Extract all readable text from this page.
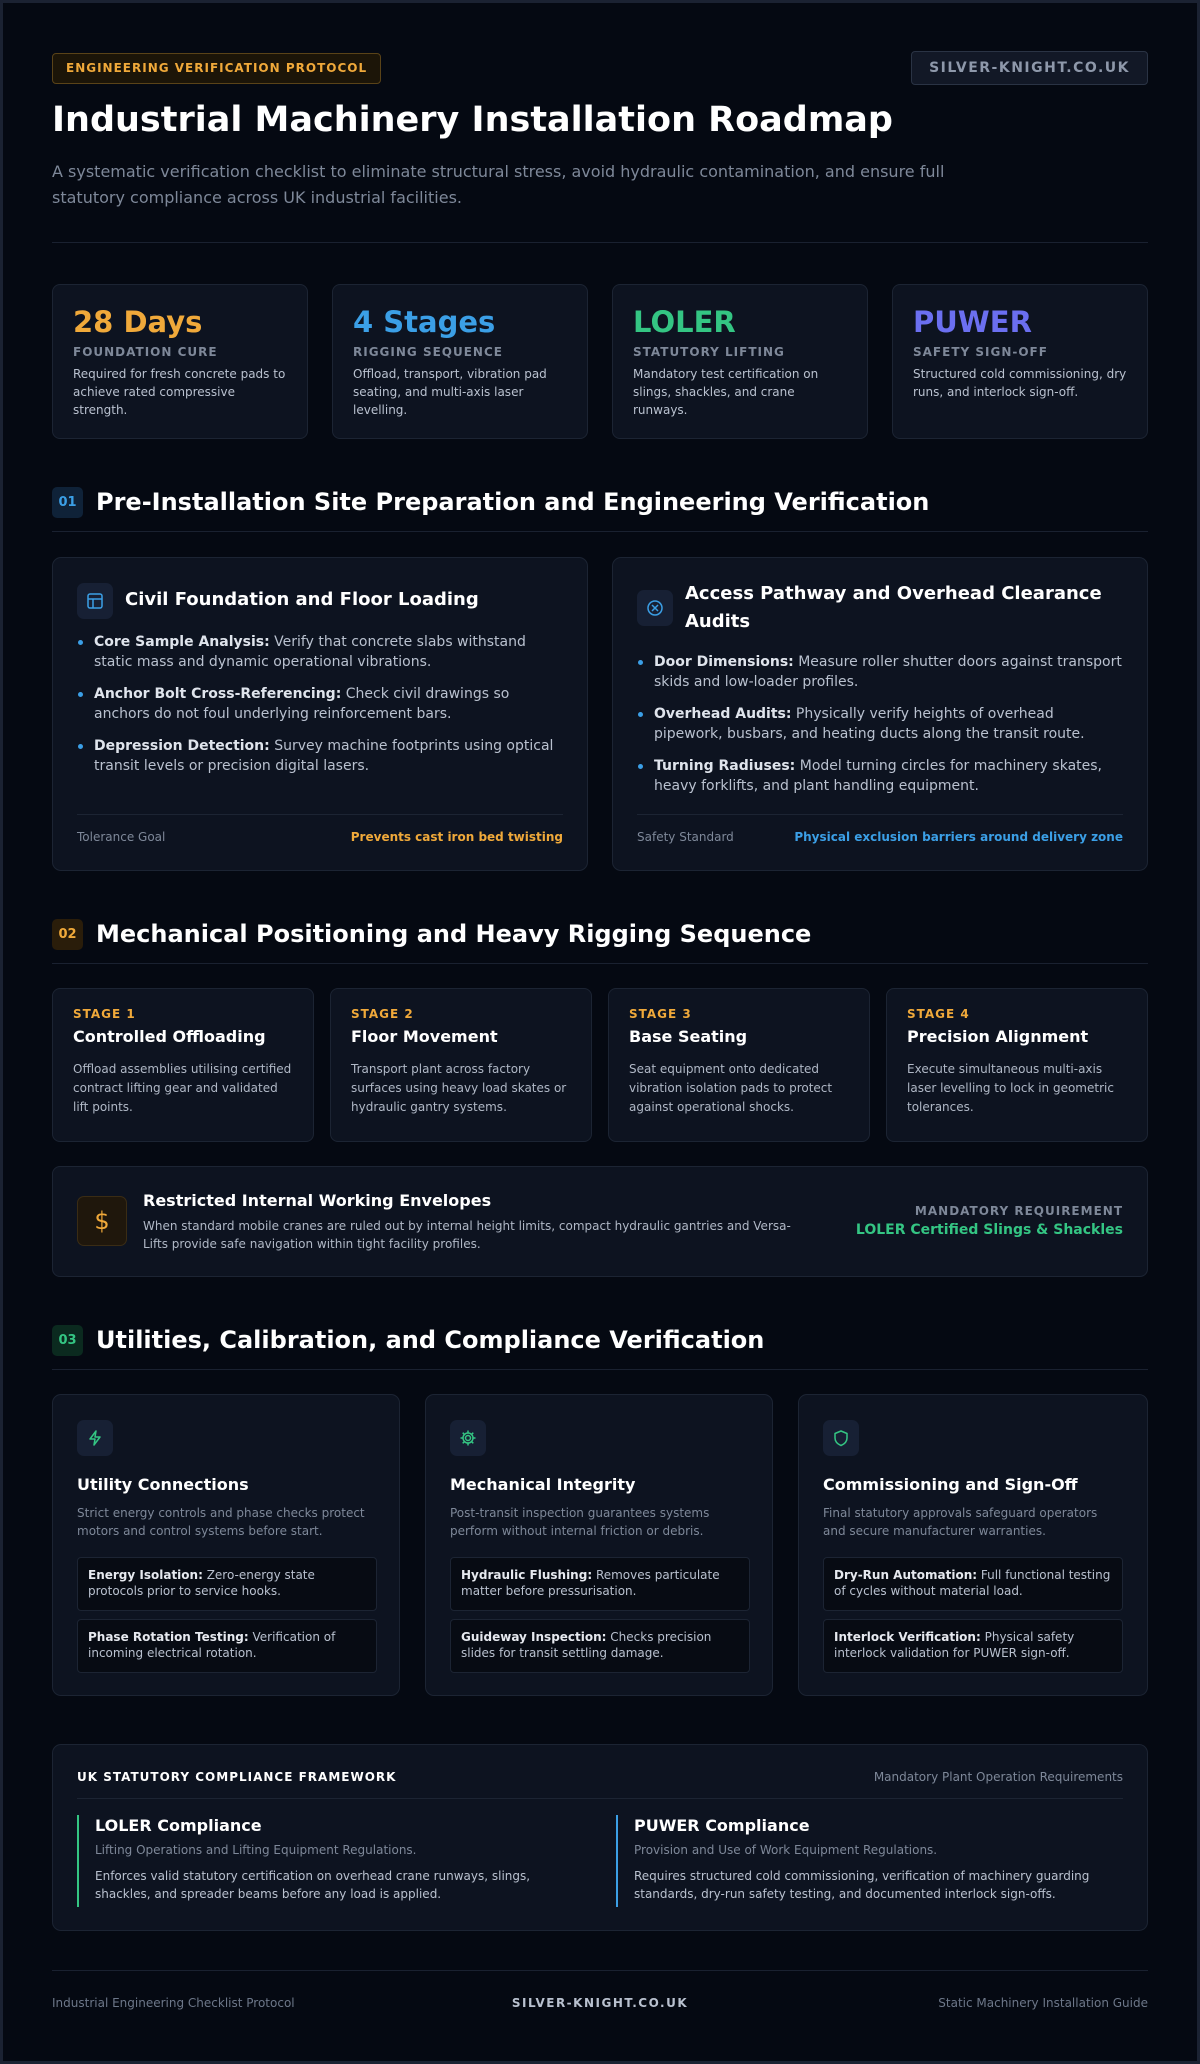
ENGINEERING VERIFICATION PROTOCOL	SILVER-KNIGHT.CO.UK
Industrial Machinery Installation Roadmap

A systematic verification checklist to eliminate structural stress, avoid hydraulic contamination, and ensure full statutory compliance across UK industrial facilities.

28 Days
FOUNDATION CURE
Required for fresh concrete pads to achieve rated compressive strength.
4 Stages
RIGGING SEQUENCE
Offload, transport, vibration pad seating, and multi-axis laser levelling.
LOLER
STATUTORY LIFTING
Mandatory test certification on slings, shackles, and crane runways.
PUWER
SAFETY SIGN-OFF
Structured cold commissioning, dry runs, and interlock sign-off.
01 Pre-Installation Site Preparation and Engineering Verification
Civil Foundation and Floor Loading
Core Sample Analysis: Verify that concrete slabs withstand static mass and dynamic operational vibrations.
Anchor Bolt Cross-Referencing: Check civil drawings so anchors do not foul underlying reinforcement bars.
Depression Detection: Survey machine footprints using optical transit levels or precision digital lasers.
Tolerance Goal	Prevents cast iron bed twisting
Access Pathway and Overhead Clearance Audits
Door Dimensions: Measure roller shutter doors against transport skids and low-loader profiles.
Overhead Audits: Physically verify heights of overhead pipework, busbars, and heating ducts along the transit route.
Turning Radiuses: Model turning circles for machinery skates, heavy forklifts, and plant handling equipment.
Safety Standard	Physical exclusion barriers around delivery zone
02 Mechanical Positioning and Heavy Rigging Sequence
STAGE 1
Controlled Offloading
Offload assemblies utilising certified contract lifting gear and validated lift points.
STAGE 2
Floor Movement
Transport plant across factory surfaces using heavy load skates or hydraulic gantry systems.
STAGE 3
Base Seating
Seat equipment onto dedicated vibration isolation pads to protect against operational shocks.
STAGE 4
Precision Alignment
Execute simultaneous multi-axis laser levelling to lock in geometric tolerances.
$
Restricted Internal Working Envelopes
When standard mobile cranes are ruled out by internal height limits, compact hydraulic gantries and Versa-Lifts provide safe navigation within tight facility profiles.
MANDATORY REQUIREMENT
LOLER Certified Slings & Shackles
03 Utilities, Calibration, and Compliance Verification
Utility Connections
Strict energy controls and phase checks protect motors and control systems before start.
Energy Isolation: Zero-energy state protocols prior to service hooks.
Phase Rotation Testing: Verification of incoming electrical rotation.
Mechanical Integrity
Post-transit inspection guarantees systems perform without internal friction or debris.
Hydraulic Flushing: Removes particulate matter before pressurisation.
Guideway Inspection: Checks precision slides for transit settling damage.
Commissioning and Sign-Off
Final statutory approvals safeguard operators and secure manufacturer warranties.
Dry-Run Automation: Full functional testing of cycles without material load.
Interlock Verification: Physical safety interlock validation for PUWER sign-off.
UK STATUTORY COMPLIANCE FRAMEWORK	Mandatory Plant Operation Requirements
LOLER Compliance
Lifting Operations and Lifting Equipment Regulations.
Enforces valid statutory certification on overhead crane runways, slings, shackles, and spreader beams before any load is applied.
PUWER Compliance
Provision and Use of Work Equipment Regulations.
Requires structured cold commissioning, verification of machinery guarding standards, dry-run safety testing, and documented interlock sign-offs.
SILVER-KNIGHT.CO.UK
Industrial Engineering Checklist Protocol	Static Machinery Installation Guide
